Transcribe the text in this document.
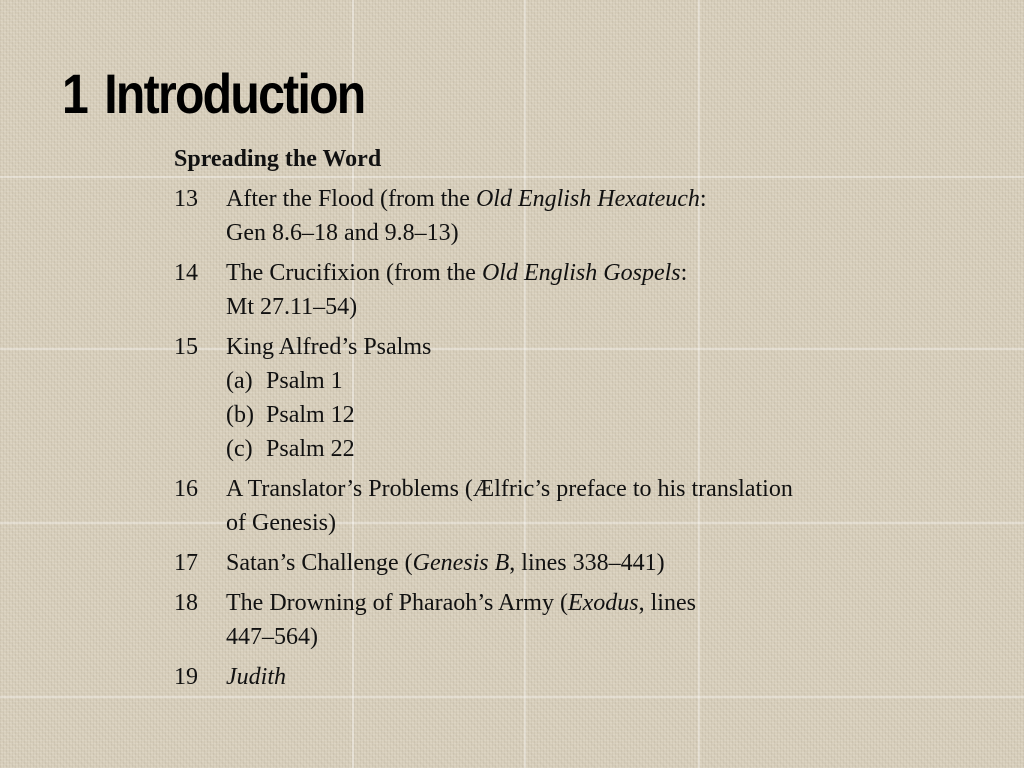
1 Introduction
Spreading the Word
13	After the Flood (from the Old English Hexateuch:
Gen 8.6–18 and 9.8–13)
14	The Crucifixion (from the Old English Gospels:
Mt 27.11–54)
15	King Alfred’s Psalms
(a) Psalm 1
(b) Psalm 12
(c) Psalm 22
16	A Translator’s Problems (Ælfric’s preface to his translation
of Genesis)
17	Satan’s Challenge (Genesis B, lines 338–441)
18	The Drowning of Pharaoh’s Army (Exodus, lines
447–564)
19	Judith
